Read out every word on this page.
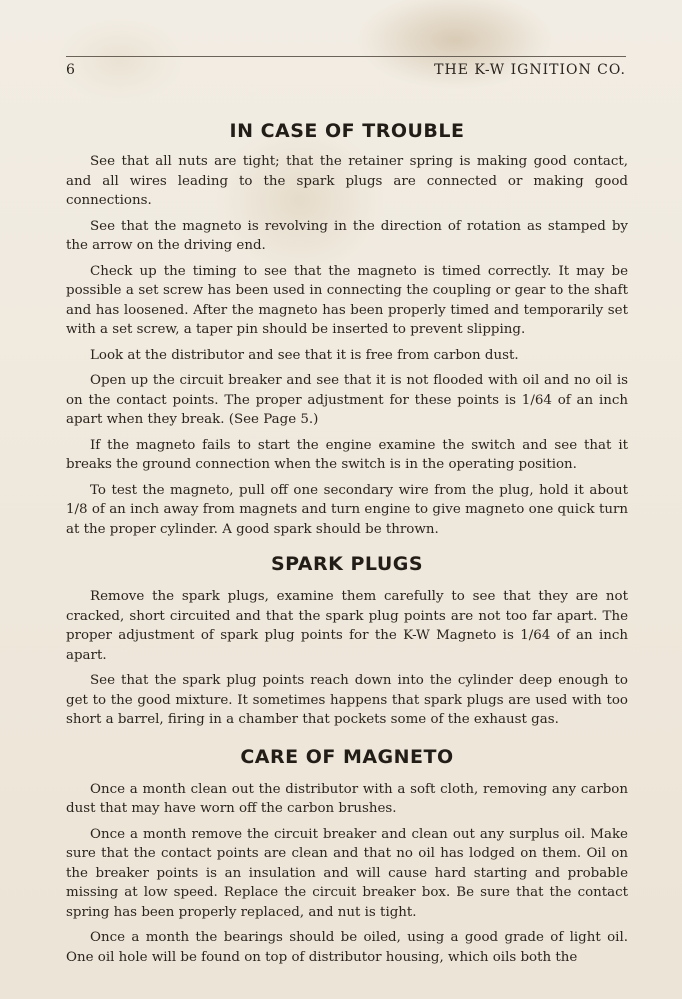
6	THE K-W IGNITION CO.
IN CASE OF TROUBLE

See that all nuts are tight; that the retainer spring is making good contact, and all wires leading to the spark plugs are connected or making good connections.

See that the magneto is revolving in the direction of rotation as stamped by the arrow on the driving end.

Check up the timing to see that the magneto is timed correctly. It may be possible a set screw has been used in connecting the coupling or gear to the shaft and has loosened. After the magneto has been properly timed and temporarily set with a set screw, a taper pin should be inserted to prevent slipping.

Look at the distributor and see that it is free from carbon dust.

Open up the circuit breaker and see that it is not flooded with oil and no oil is on the contact points. The proper adjustment for these points is 1/64 of an inch apart when they break. (See Page 5.)

If the magneto fails to start the engine examine the switch and see that it breaks the ground connection when the switch is in the operating position.

To test the magneto, pull off one secondary wire from the plug, hold it about 1/8 of an inch away from magnets and turn engine to give magneto one quick turn at the proper cylinder. A good spark should be thrown.

SPARK PLUGS

Remove the spark plugs, examine them carefully to see that they are not cracked, short circuited and that the spark plug points are not too far apart. The proper adjustment of spark plug points for the K-W Magneto is 1/64 of an inch apart.

See that the spark plug points reach down into the cylinder deep enough to get to the good mixture. It sometimes happens that spark plugs are used with too short a barrel, firing in a chamber that pockets some of the exhaust gas.

CARE OF MAGNETO

Once a month clean out the distributor with a soft cloth, removing any carbon dust that may have worn off the carbon brushes.

Once a month remove the circuit breaker and clean out any surplus oil. Make sure that the contact points are clean and that no oil has lodged on them. Oil on the breaker points is an insulation and will cause hard starting and probable missing at low speed. Replace the circuit breaker box. Be sure that the contact spring has been properly replaced, and nut is tight.

Once a month the bearings should be oiled, using a good grade of light oil. One oil hole will be found on top of distributor housing, which oils both the
